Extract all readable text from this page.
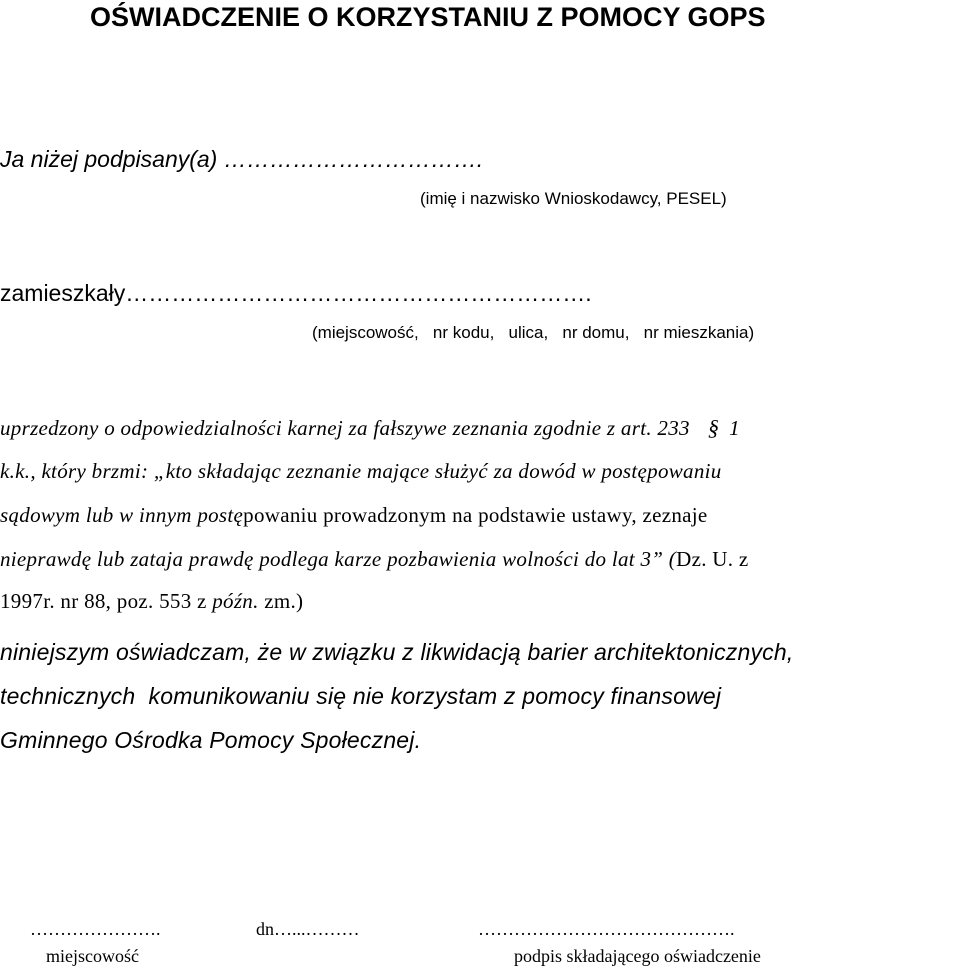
OŚWIADCZENIE O KORZYSTANIU Z POMOCY GOPS
Ja niżej podpisany(a) …………………………….
(imię i nazwisko Wnioskodawcy, PESEL)
zamieszkały…………………………………………………….
(miejscowość,   nr kodu,   ulica,   nr domu,   nr mieszkania)
uprzedzony o odpowiedzialności karnej za fałszywe zeznania zgodnie z art. 233 § 1
k.k., który brzmi: „kto składając zeznanie mające służyć za dowód w postępowaniu
sądowym lub w innym postępowaniu prowadzonym na podstawie ustawy, zeznaje
nieprawdę lub zataja prawdę podlega karze pozbawienia wolności do lat 3” (Dz. U. z
1997r. nr 88, poz. 553 z późn. zm.)
niniejszym oświadczam, że w związku z likwidacją barier architektonicznych,
technicznych  komunikowaniu się nie korzystam z pomocy finansowej
Gminnego Ośrodka Pomocy Społecznej.
………………….	dn…...………	…………………………………….
miejscowość	podpis składającego oświadczenie
